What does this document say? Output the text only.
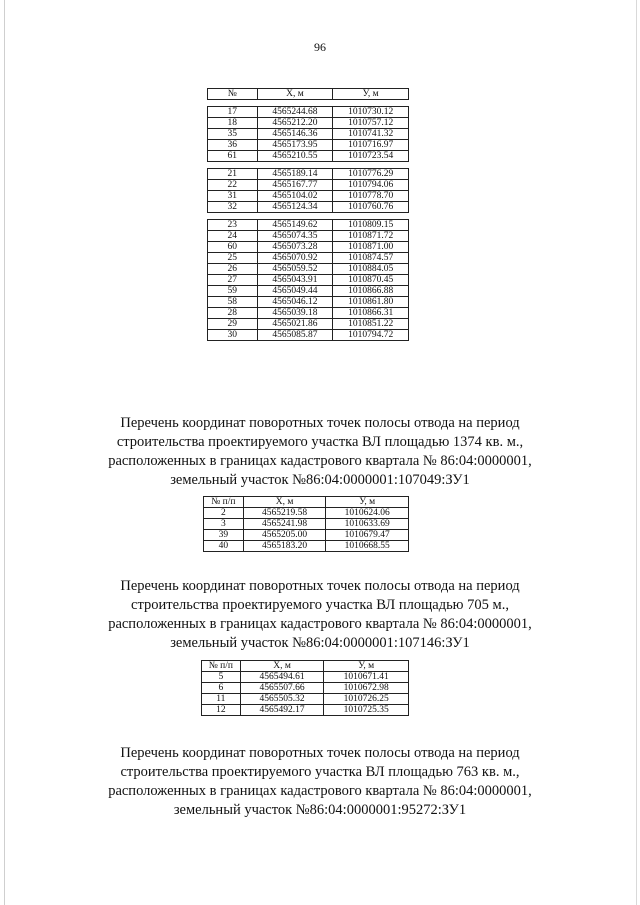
96
№	X, м	У, м

17	4565244.68	1010730.12
18	4565212.20	1010757.12
35	4565146.36	1010741.32
36	4565173.95	1010716.97
61	4565210.55	1010723.54

21	4565189.14	1010776.29
22	4565167.77	1010794.06
31	4565104.02	1010778.70
32	4565124.34	1010760.76

23	4565149.62	1010809.15
24	4565074.35	1010871.72
60	4565073.28	1010871.00
25	4565070.92	1010874.57
26	4565059.52	1010884.05
27	4565043.91	1010870.45
59	4565049.44	1010866.88
58	4565046.12	1010861.80
28	4565039.18	1010866.31
29	4565021.86	1010851.22
30	4565085.87	1010794.72
Перечень координат поворотных точек полосы отвода на период
строительства проектируемого участка ВЛ площадью 1374 кв. м.,
расположенных в границах кадастрового квартала № 86:04:0000001,
земельный участок №86:04:0000001:107049:ЗУ1
№ п/п	X, м	У, м
2	4565219.58	1010624.06
3	4565241.98	1010633.69
39	4565205.00	1010679.47
40	4565183.20	1010668.55
Перечень координат поворотных точек полосы отвода на период
строительства проектируемого участка ВЛ площадью 705 м.,
расположенных в границах кадастрового квартала № 86:04:0000001,
земельный участок №86:04:0000001:107146:ЗУ1
№ п/п	X, м	У, м
5	4565494.61	1010671.41
6	4565507.66	1010672.98
11	4565505.32	1010726.25
12	4565492.17	1010725.35
Перечень координат поворотных точек полосы отвода на период
строительства проектируемого участка ВЛ площадью 763 кв. м.,
расположенных в границах кадастрового квартала № 86:04:0000001,
земельный участок №86:04:0000001:95272:ЗУ1
